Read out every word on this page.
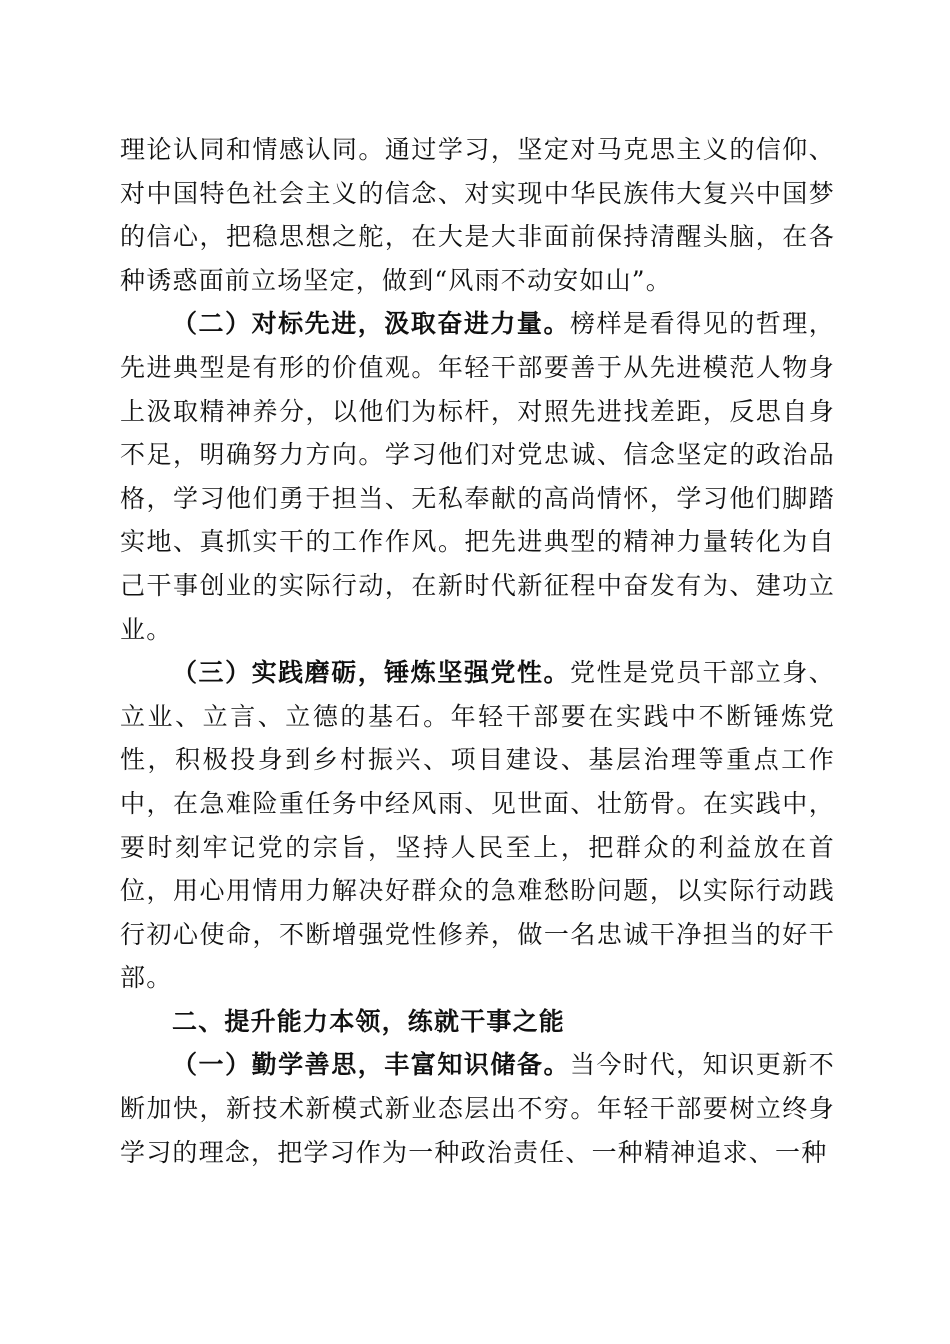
理论认同和情感认同。通过学习，坚定对马克思主义的信仰、对中国特色社会主义的信念、对实现中华民族伟大复兴中国梦的信心，把稳思想之舵，在大是大非面前保持清醒头脑，在各种诱惑面前立场坚定，做到“风雨不动安如山”。

（二）对标先进，汲取奋进力量。榜样是看得见的哲理，先进典型是有形的价值观。年轻干部要善于从先进模范人物身上汲取精神养分，以他们为标杆，对照先进找差距，反思自身不足，明确努力方向。学习他们对党忠诚、信念坚定的政治品格，学习他们勇于担当、无私奉献的高尚情怀，学习他们脚踏实地、真抓实干的工作作风。把先进典型的精神力量转化为自己干事创业的实际行动，在新时代新征程中奋发有为、建功立业。

（三）实践磨砺，锤炼坚强党性。党性是党员干部立身、立业、立言、立德的基石。年轻干部要在实践中不断锤炼党性，积极投身到乡村振兴、项目建设、基层治理等重点工作中，在急难险重任务中经风雨、见世面、壮筋骨。在实践中，要时刻牢记党的宗旨，坚持人民至上，把群众的利益放在首位，用心用情用力解决好群众的急难愁盼问题，以实际行动践行初心使命，不断增强党性修养，做一名忠诚干净担当的好干部。

二、提升能力本领，练就干事之能

（一）勤学善思，丰富知识储备。当今时代，知识更新不断加快，新技术新模式新业态层出不穷。年轻干部要树立终身学习的理念，把学习作为一种政治责任、一种精神追求、一种
